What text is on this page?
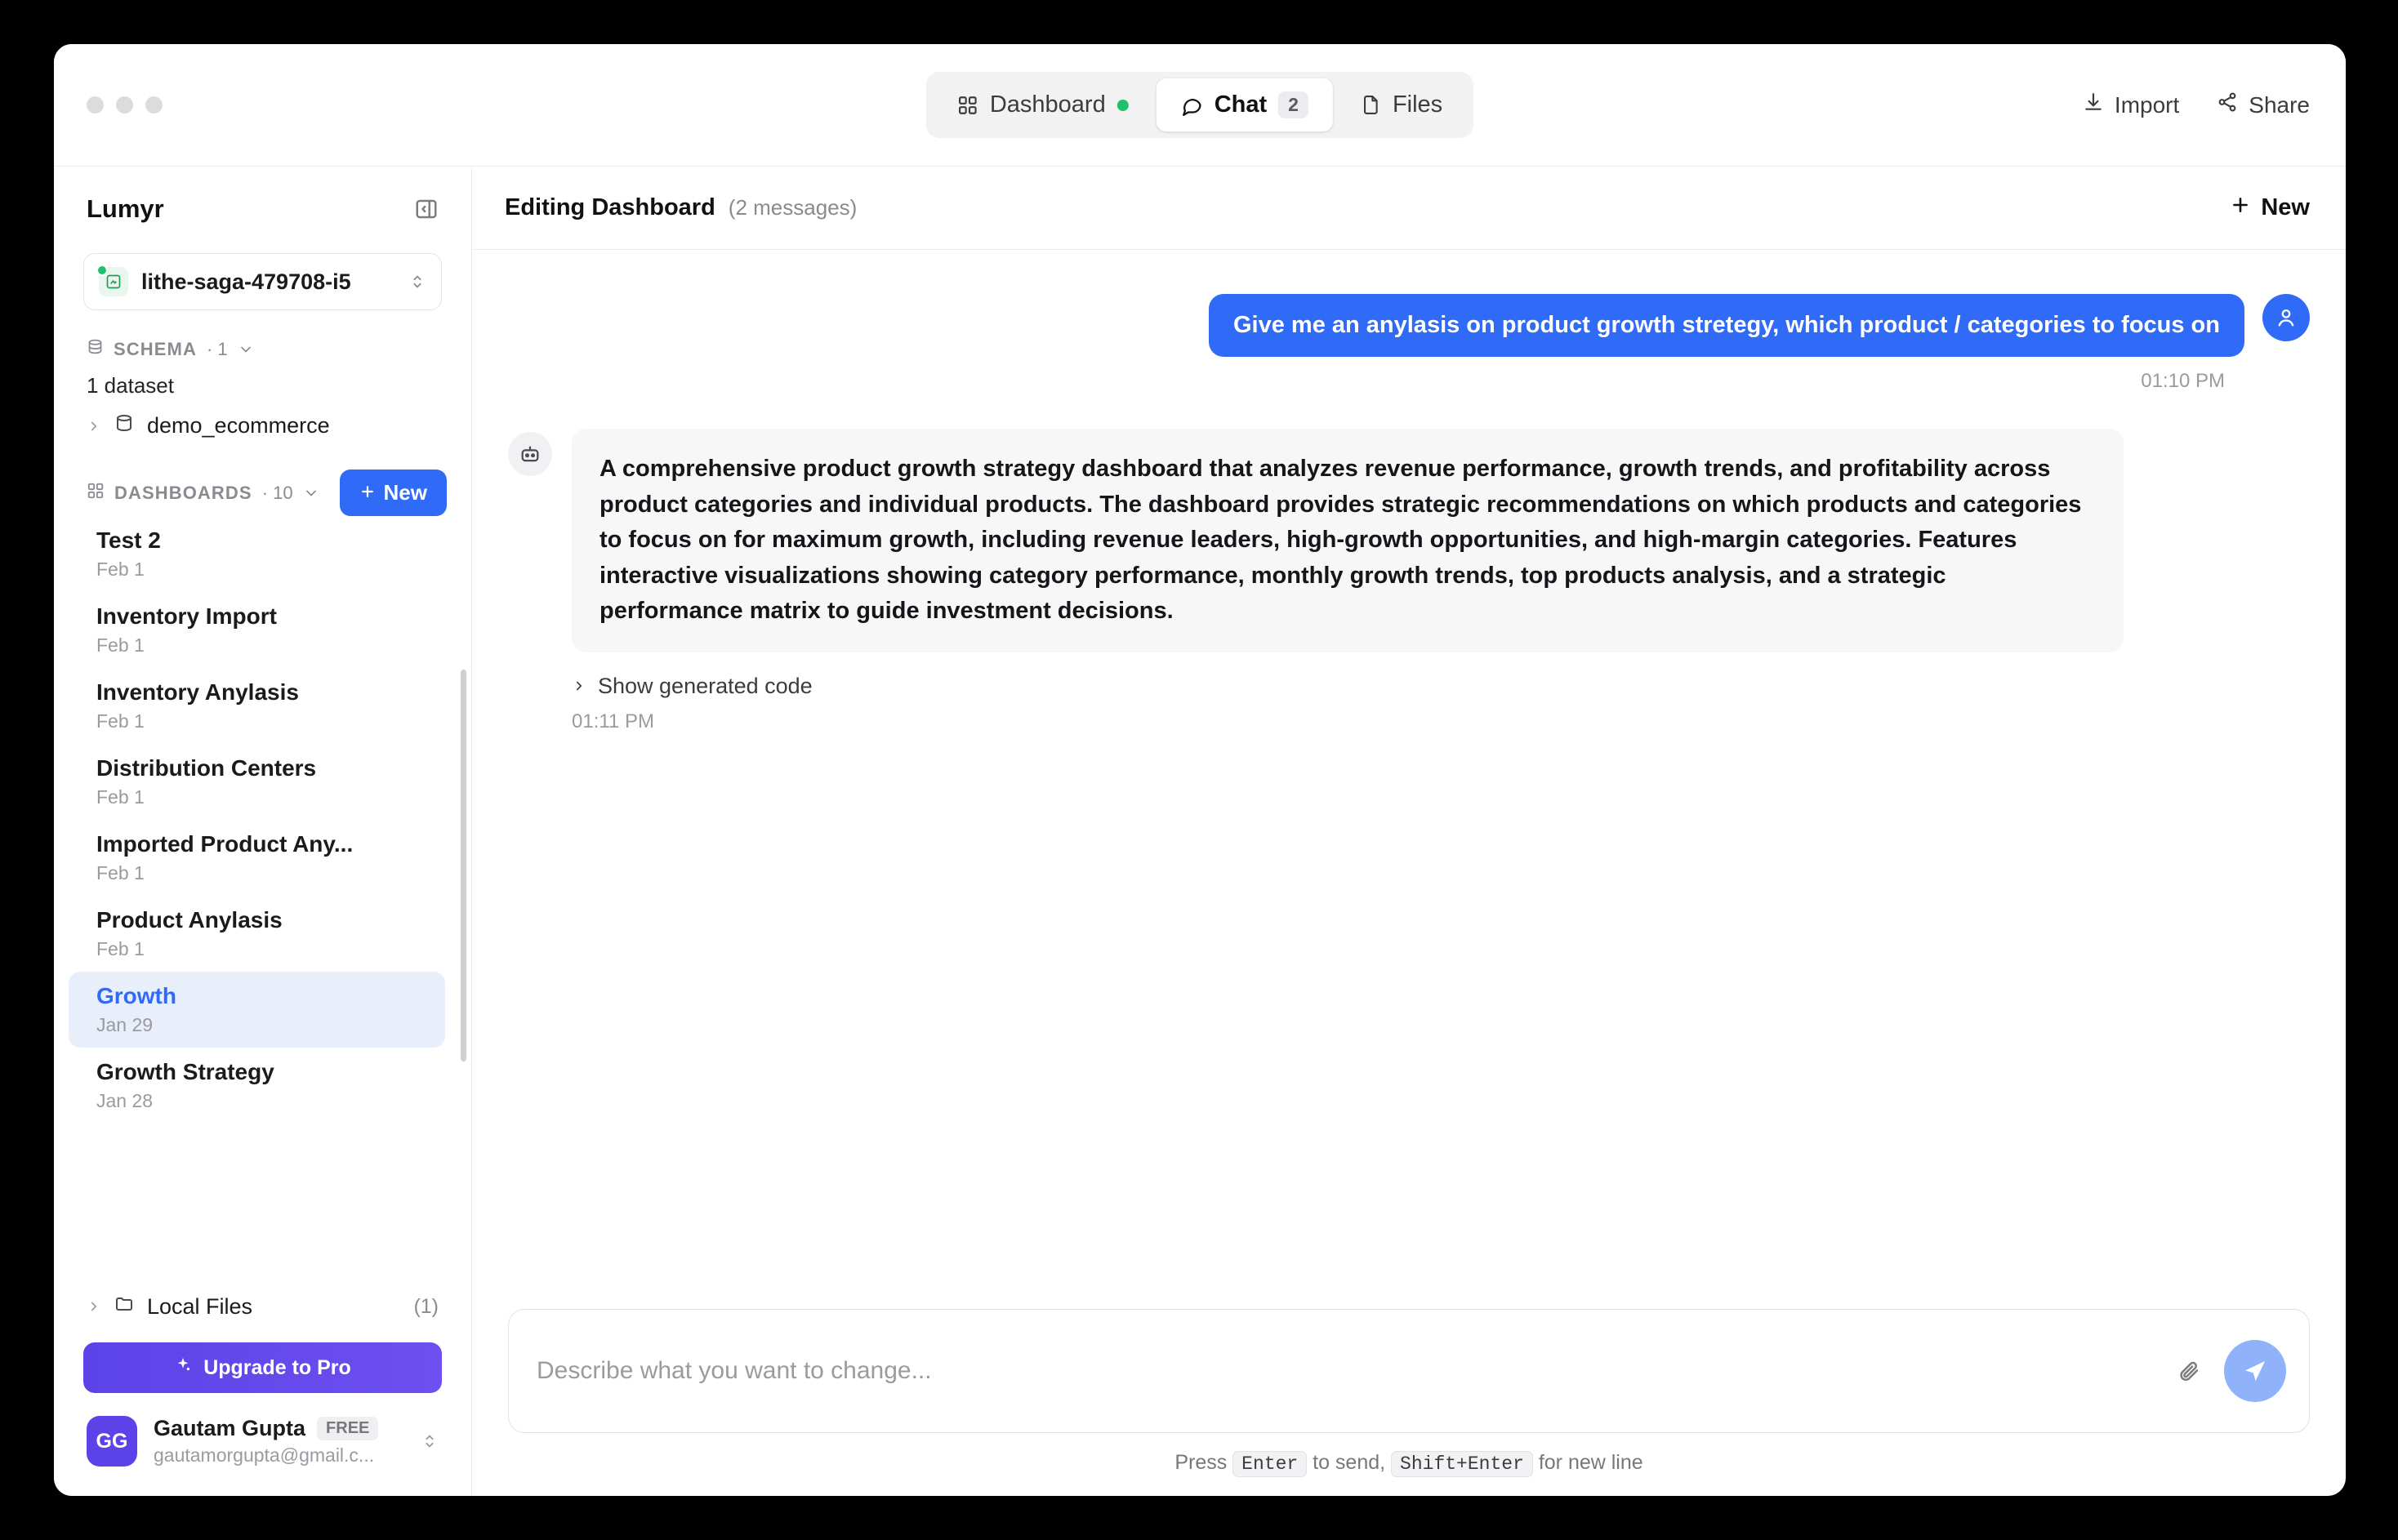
Dashboard	Chat	2	Files	Import	Share
Lumyr
lithe-saga-479708-i5
SCHEMA · 1
1 dataset
demo_ecommerce
DASHBOARDS · 10	New
Test 2
Feb 1
Inventory Import
Feb 1
Inventory Anylasis
Feb 1
Distribution Centers
Feb 1
Imported Product Any...
Feb 1
Product Anylasis
Feb 1
Growth
Jan 29
Growth Strategy
Jan 28
Local Files	(1)
Upgrade to Pro
GG
Gautam Gupta	FREE
gautamorgupta@gmail.c...
Editing Dashboard (2 messages)	New
Give me an anylasis on product growth stretegy, which product / categories to focus on
01:10 PM
A comprehensive product growth strategy dashboard that analyzes revenue performance, growth trends, and profitability across product categories and individual products. The dashboard provides strategic recommendations on which products and categories to focus on for maximum growth, including revenue leaders, high-growth opportunities, and high-margin categories. Features interactive visualizations showing category performance, monthly growth trends, top products analysis, and a strategic performance matrix to guide investment decisions.
Show generated code
01:11 PM
Describe what you want to change...
Press Enter to send, Shift+Enter for new line
